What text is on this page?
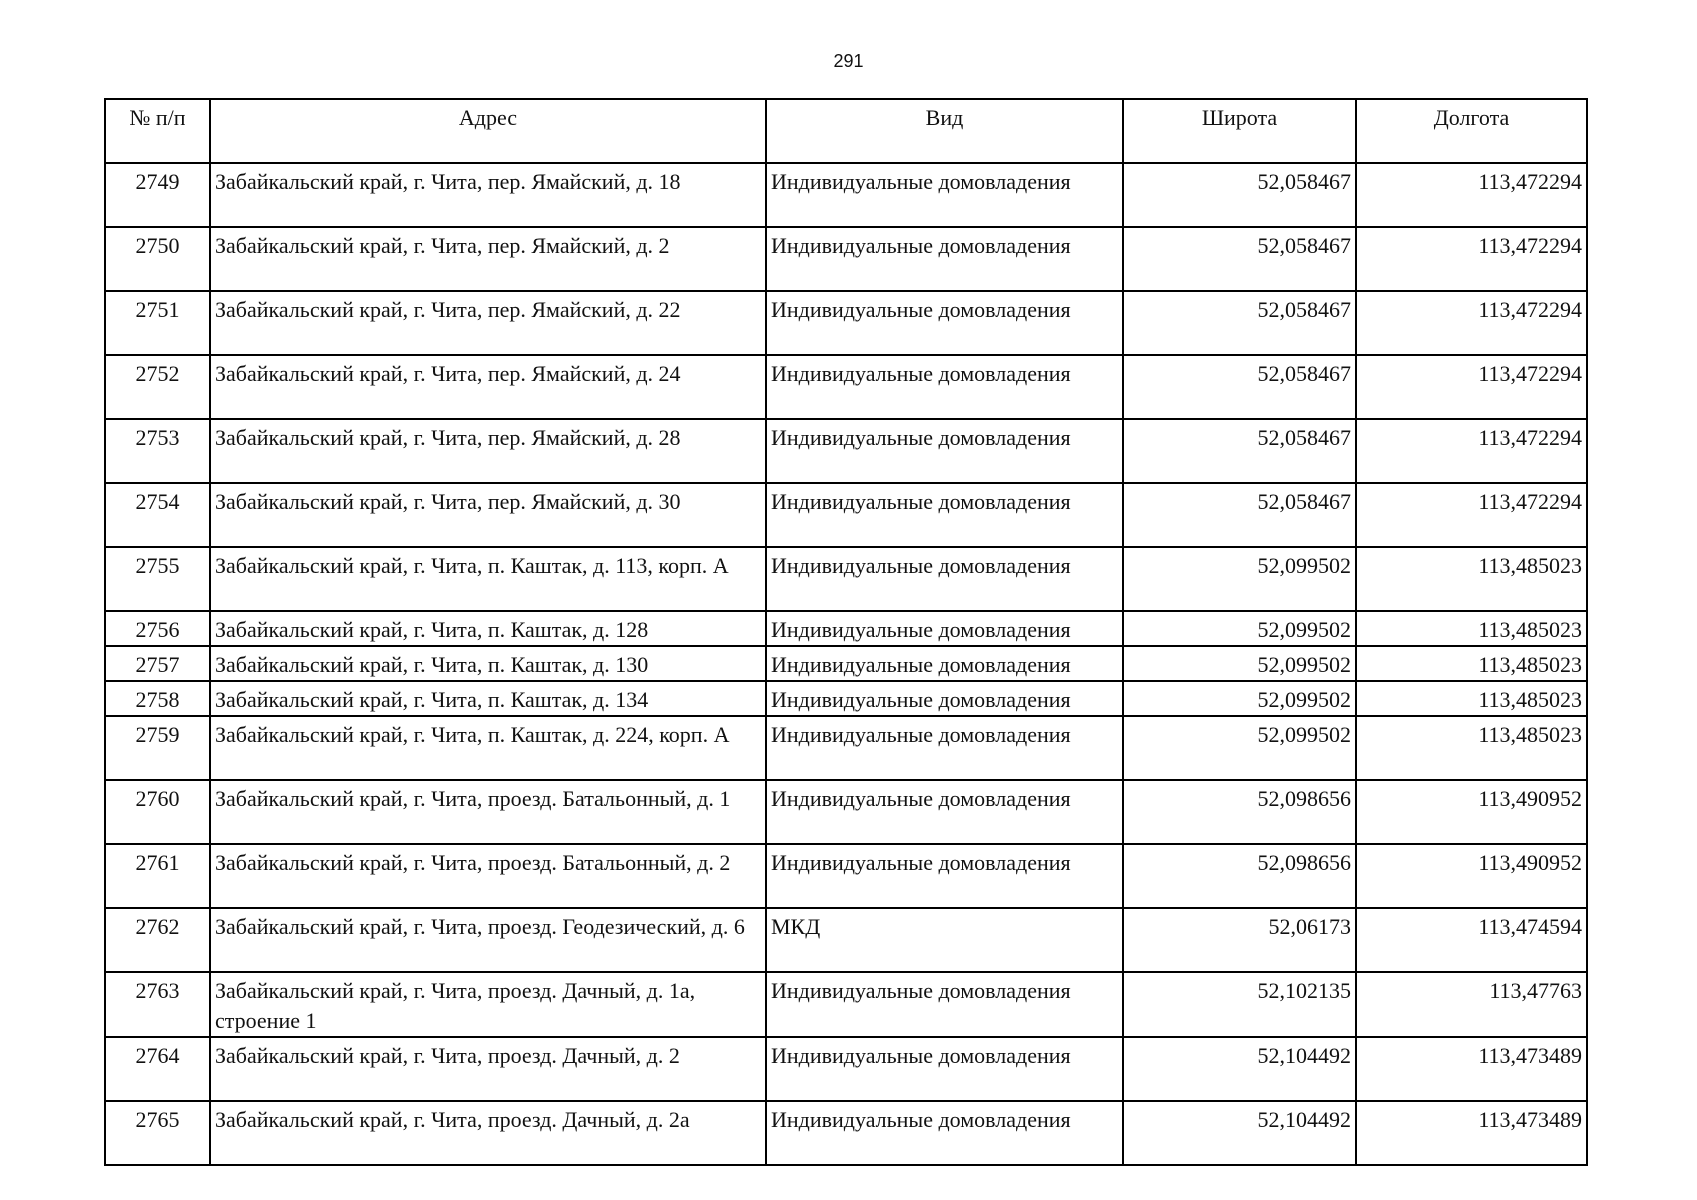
291
№ п/п	Адрес	Вид	Широта	Долгота
2749	Забайкальский край, г. Чита, пер. Ямайский, д. 18	Индивидуальные домовладения	52,058467	113,472294
2750	Забайкальский край, г. Чита, пер. Ямайский, д. 2	Индивидуальные домовладения	52,058467	113,472294
2751	Забайкальский край, г. Чита, пер. Ямайский, д. 22	Индивидуальные домовладения	52,058467	113,472294
2752	Забайкальский край, г. Чита, пер. Ямайский, д. 24	Индивидуальные домовладения	52,058467	113,472294
2753	Забайкальский край, г. Чита, пер. Ямайский, д. 28	Индивидуальные домовладения	52,058467	113,472294
2754	Забайкальский край, г. Чита, пер. Ямайский, д. 30	Индивидуальные домовладения	52,058467	113,472294
2755	Забайкальский край, г. Чита, п. Каштак, д. 113, корп. А	Индивидуальные домовладения	52,099502	113,485023
2756	Забайкальский край, г. Чита, п. Каштак, д. 128	Индивидуальные домовладения	52,099502	113,485023
2757	Забайкальский край, г. Чита, п. Каштак, д. 130	Индивидуальные домовладения	52,099502	113,485023
2758	Забайкальский край, г. Чита, п. Каштак, д. 134	Индивидуальные домовладения	52,099502	113,485023
2759	Забайкальский край, г. Чита, п. Каштак, д. 224, корп. А	Индивидуальные домовладения	52,099502	113,485023
2760	Забайкальский край, г. Чита, проезд. Батальонный, д. 1	Индивидуальные домовладения	52,098656	113,490952
2761	Забайкальский край, г. Чита, проезд. Батальонный, д. 2	Индивидуальные домовладения	52,098656	113,490952
2762	Забайкальский край, г. Чита, проезд. Геодезический, д. 6	МКД	52,06173	113,474594
2763	Забайкальский край, г. Чита, проезд. Дачный, д. 1а, строение 1	Индивидуальные домовладения	52,102135	113,47763
2764	Забайкальский край, г. Чита, проезд. Дачный, д. 2	Индивидуальные домовладения	52,104492	113,473489
2765	Забайкальский край, г. Чита, проезд. Дачный, д. 2а	Индивидуальные домовладения	52,104492	113,473489
